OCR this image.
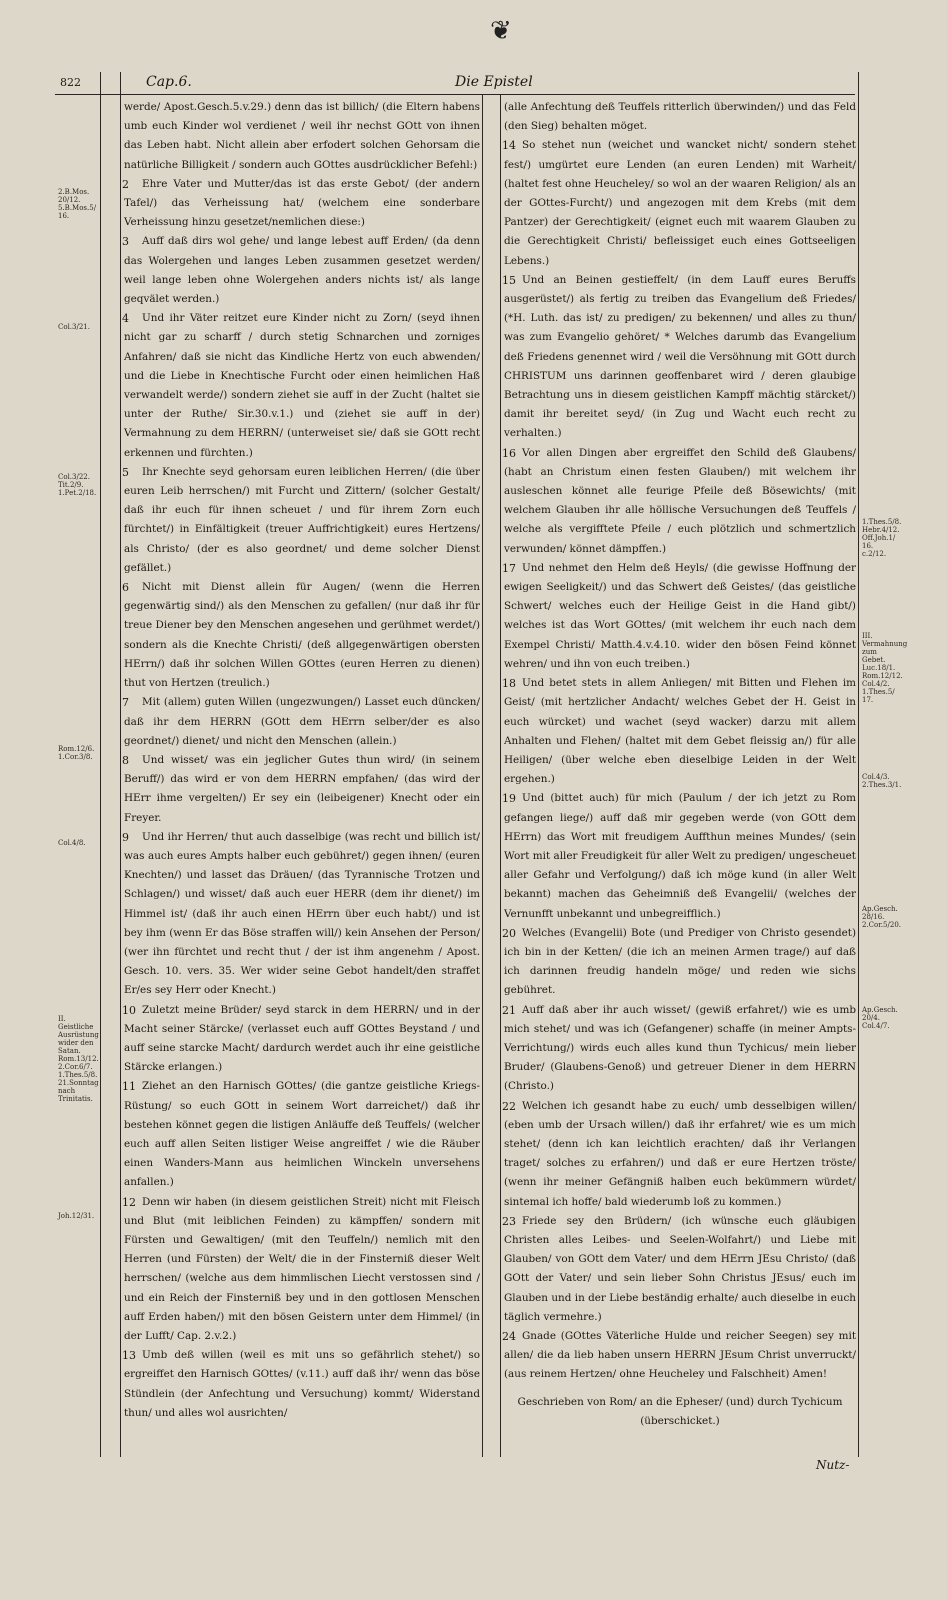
❦
822	Cap.6.	Die Epistel
2.B.Mos. 20/12. 5.B.Mos.5/ 16.
Col.3/21.
Col.3/22. Tit.2/9. 1.Pet.2/18.
Rom.12/6. 1.Cor.3/8.
Col.4/8.
II. Geistliche Ausrüstung wider den Satan. Rom.13/12. 2.Cor.6/7. 1.Thes.5/8. 21.Sonntag nach Trinitatis.
Joh.12/31.
1.Thes.5/8. Hebr.4/12. Off.Joh.1/ 16. c.2/12.
III. Vermahnung zum Gebet. Luc.18/1. Rom.12/12. Col.4/2. 1.Thes.5/ 17.
Col.4/3. 2.Thes.3/1.
Ap.Gesch. 28/16. 2.Cor.5/20.
Ap.Gesch. 20/4. Col.4/7.

werde/ Apost.Gesch.5.v.29.) denn das ist billich/ (die Eltern habens umb euch Kinder wol verdienet / weil ihr nechst GOtt von ihnen das Leben habt. Nicht allein aber erfodert solchen Gehorsam die natürliche Billigkeit / sondern auch GOttes ausdrücklicher Befehl:)

2 Ehre Vater und Mutter/das ist das erste Gebot/ (der andern Tafel/) das Verheissung hat/ (welchem eine sonderbare Verheissung hinzu gesetzet/nemlichen diese:)

3 Auff daß dirs wol gehe/ und lange lebest auff Erden/ (da denn das Wolergehen und langes Leben zusammen gesetzet werden/ weil lange leben ohne Wolergehen anders nichts ist/ als lange geqvälet werden.)

4 Und ihr Väter reitzet eure Kinder nicht zu Zorn/ (seyd ihnen nicht gar zu scharff / durch stetig Schnarchen und zorniges Anfahren/ daß sie nicht das Kindliche Hertz von euch abwenden/ und die Liebe in Knechtische Furcht oder einen heimlichen Haß verwandelt werde/) sondern ziehet sie auff in der Zucht (haltet sie unter der Ruthe/ Sir.30.v.1.) und (ziehet sie auff in der) Vermahnung zu dem HERRN/ (unterweiset sie/ daß sie GOtt recht erkennen und fürchten.)

5 Ihr Knechte seyd gehorsam euren leiblichen Herren/ (die über euren Leib herrschen/) mit Furcht und Zittern/ (solcher Gestalt/ daß ihr euch für ihnen scheuet / und für ihrem Zorn euch fürchtet/) in Einfältigkeit (treuer Auffrichtigkeit) eures Hertzens/ als Christo/ (der es also geordnet/ und deme solcher Dienst gefället.)

6 Nicht mit Dienst allein für Augen/ (wenn die Herren gegenwärtig sind/) als den Menschen zu gefallen/ (nur daß ihr für treue Diener bey den Menschen angesehen und gerühmet werdet/) sondern als die Knechte Christi/ (deß allgegenwärtigen obersten HErrn/) daß ihr solchen Willen GOttes (euren Herren zu dienen) thut von Hertzen (treulich.)

7 Mit (allem) guten Willen (ungezwungen/) Lasset euch düncken/ daß ihr dem HERRN (GOtt dem HErrn selber/der es also geordnet/) dienet/ und nicht den Menschen (allein.)

8 Und wisset/ was ein jeglicher Gutes thun wird/ (in seinem Beruff/) das wird er von dem HERRN empfahen/ (das wird der HErr ihme vergelten/) Er sey ein (leibeigener) Knecht oder ein Freyer.

9 Und ihr Herren/ thut auch dasselbige (was recht und billich ist/ was auch eures Ampts halber euch gebühret/) gegen ihnen/ (euren Knechten/) und lasset das Dräuen/ (das Tyrannische Trotzen und Schlagen/) und wisset/ daß auch euer HERR (dem ihr dienet/) im Himmel ist/ (daß ihr auch einen HErrn über euch habt/) und ist bey ihm (wenn Er das Böse straffen will/) kein Ansehen der Person/ (wer ihn fürchtet und recht thut / der ist ihm angenehm / Apost. Gesch. 10. vers. 35. Wer wider seine Gebot handelt/den straffet Er/es sey Herr oder Knecht.)

10 Zuletzt meine Brüder/ seyd starck in dem HERRN/ und in der Macht seiner Stärcke/ (verlasset euch auff GOttes Beystand / und auff seine starcke Macht/ dardurch werdet auch ihr eine geistliche Stärcke erlangen.)

11 Ziehet an den Harnisch GOttes/ (die gantze geistliche Kriegs-Rüstung/ so euch GOtt in seinem Wort darreichet/) daß ihr bestehen könnet gegen die listigen Anläuffe deß Teuffels/ (welcher euch auff allen Seiten listiger Weise angreiffet / wie die Räuber einen Wanders-Mann aus heimlichen Winckeln unversehens anfallen.)

12 Denn wir haben (in diesem geistlichen Streit) nicht mit Fleisch und Blut (mit leiblichen Feinden) zu kämpffen/ sondern mit Fürsten und Gewaltigen/ (mit den Teuffeln/) nemlich mit den Herren (und Fürsten) der Welt/ die in der Finsterniß dieser Welt herrschen/ (welche aus dem himmlischen Liecht verstossen sind / und ein Reich der Finsterniß bey und in den gottlosen Menschen auff Erden haben/) mit den bösen Geistern unter dem Himmel/ (in der Lufft/ Cap. 2.v.2.)

13 Umb deß willen (weil es mit uns so gefährlich stehet/) so ergreiffet den Harnisch GOttes/ (v.11.) auff daß ihr/ wenn das böse Stündlein (der Anfechtung und Versuchung) kommt/ Widerstand thun/ und alles wol ausrichten/

(alle Anfechtung deß Teuffels ritterlich überwinden/) und das Feld (den Sieg) behalten möget.

14 So stehet nun (weichet und wancket nicht/ sondern stehet fest/) umgürtet eure Lenden (an euren Lenden) mit Warheit/ (haltet fest ohne Heucheley/ so wol an der waaren Religion/ als an der GOttes-Furcht/) und angezogen mit dem Krebs (mit dem Pantzer) der Gerechtigkeit/ (eignet euch mit waarem Glauben zu die Gerechtigkeit Christi/ befleissiget euch eines Gottseeligen Lebens.)

15 Und an Beinen gestieffelt/ (in dem Lauff eures Beruffs ausgerüstet/) als fertig zu treiben das Evangelium deß Friedes/ (*H. Luth. das ist/ zu predigen/ zu bekennen/ und alles zu thun/ was zum Evangelio gehöret/ * Welches darumb das Evangelium deß Friedens genennet wird / weil die Versöhnung mit GOtt durch CHRISTUM uns darinnen geoffenbaret wird / deren glaubige Betrachtung uns in diesem geistlichen Kampff mächtig stärcket/) damit ihr bereitet seyd/ (in Zug und Wacht euch recht zu verhalten.)

16 Vor allen Dingen aber ergreiffet den Schild deß Glaubens/ (habt an Christum einen festen Glauben/) mit welchem ihr ausleschen könnet alle feurige Pfeile deß Bösewichts/ (mit welchem Glauben ihr alle höllische Versuchungen deß Teuffels / welche als vergifftete Pfeile / euch plötzlich und schmertzlich verwunden/ könnet dämpffen.)

17 Und nehmet den Helm deß Heyls/ (die gewisse Hoffnung der ewigen Seeligkeit/) und das Schwert deß Geistes/ (das geistliche Schwert/ welches euch der Heilige Geist in die Hand gibt/) welches ist das Wort GOttes/ (mit welchem ihr euch nach dem Exempel Christi/ Matth.4.v.4.10. wider den bösen Feind könnet wehren/ und ihn von euch treiben.)

18 Und betet stets in allem Anliegen/ mit Bitten und Flehen im Geist/ (mit hertzlicher Andacht/ welches Gebet der H. Geist in euch würcket) und wachet (seyd wacker) darzu mit allem Anhalten und Flehen/ (haltet mit dem Gebet fleissig an/) für alle Heiligen/ (über welche eben dieselbige Leiden in der Welt ergehen.)

19 Und (bittet auch) für mich (Paulum / der ich jetzt zu Rom gefangen liege/) auff daß mir gegeben werde (von GOtt dem HErrn) das Wort mit freudigem Auffthun meines Mundes/ (sein Wort mit aller Freudigkeit für aller Welt zu predigen/ ungescheuet aller Gefahr und Verfolgung/) daß ich möge kund (in aller Welt bekannt) machen das Geheimniß deß Evangelii/ (welches der Vernunfft unbekannt und unbegreifflich.)

20 Welches (Evangelii) Bote (und Prediger von Christo gesendet) ich bin in der Ketten/ (die ich an meinen Armen trage/) auf daß ich darinnen freudig handeln möge/ und reden wie sichs gebühret.

21 Auff daß aber ihr auch wisset/ (gewiß erfahret/) wie es umb mich stehet/ und was ich (Gefangener) schaffe (in meiner Ampts-Verrichtung/) wirds euch alles kund thun Tychicus/ mein lieber Bruder/ (Glaubens-Genoß) und getreuer Diener in dem HERRN (Christo.)

22 Welchen ich gesandt habe zu euch/ umb desselbigen willen/ (eben umb der Ursach willen/) daß ihr erfahret/ wie es um mich stehet/ (denn ich kan leichtlich erachten/ daß ihr Verlangen traget/ solches zu erfahren/) und daß er eure Hertzen tröste/ (wenn ihr meiner Gefängniß halben euch bekümmern würdet/ sintemal ich hoffe/ bald wiederumb loß zu kommen.)

23 Friede sey den Brüdern/ (ich wünsche euch gläubigen Christen alles Leibes- und Seelen-Wolfahrt/) und Liebe mit Glauben/ von GOtt dem Vater/ und dem HErrn JEsu Christo/ (daß GOtt der Vater/ und sein lieber Sohn Christus JEsus/ euch im Glauben und in der Liebe beständig erhalte/ auch dieselbe in euch täglich vermehre.)

24 Gnade (GOttes Väterliche Hulde und reicher Seegen) sey mit allen/ die da lieb haben unsern HERRN JEsum Christ unverruckt/ (aus reinem Hertzen/ ohne Heucheley und Falschheit) Amen!

Geschrieben von Rom/ an die Epheser/ (und) durch Tychicum (überschicket.)

Nutz-
